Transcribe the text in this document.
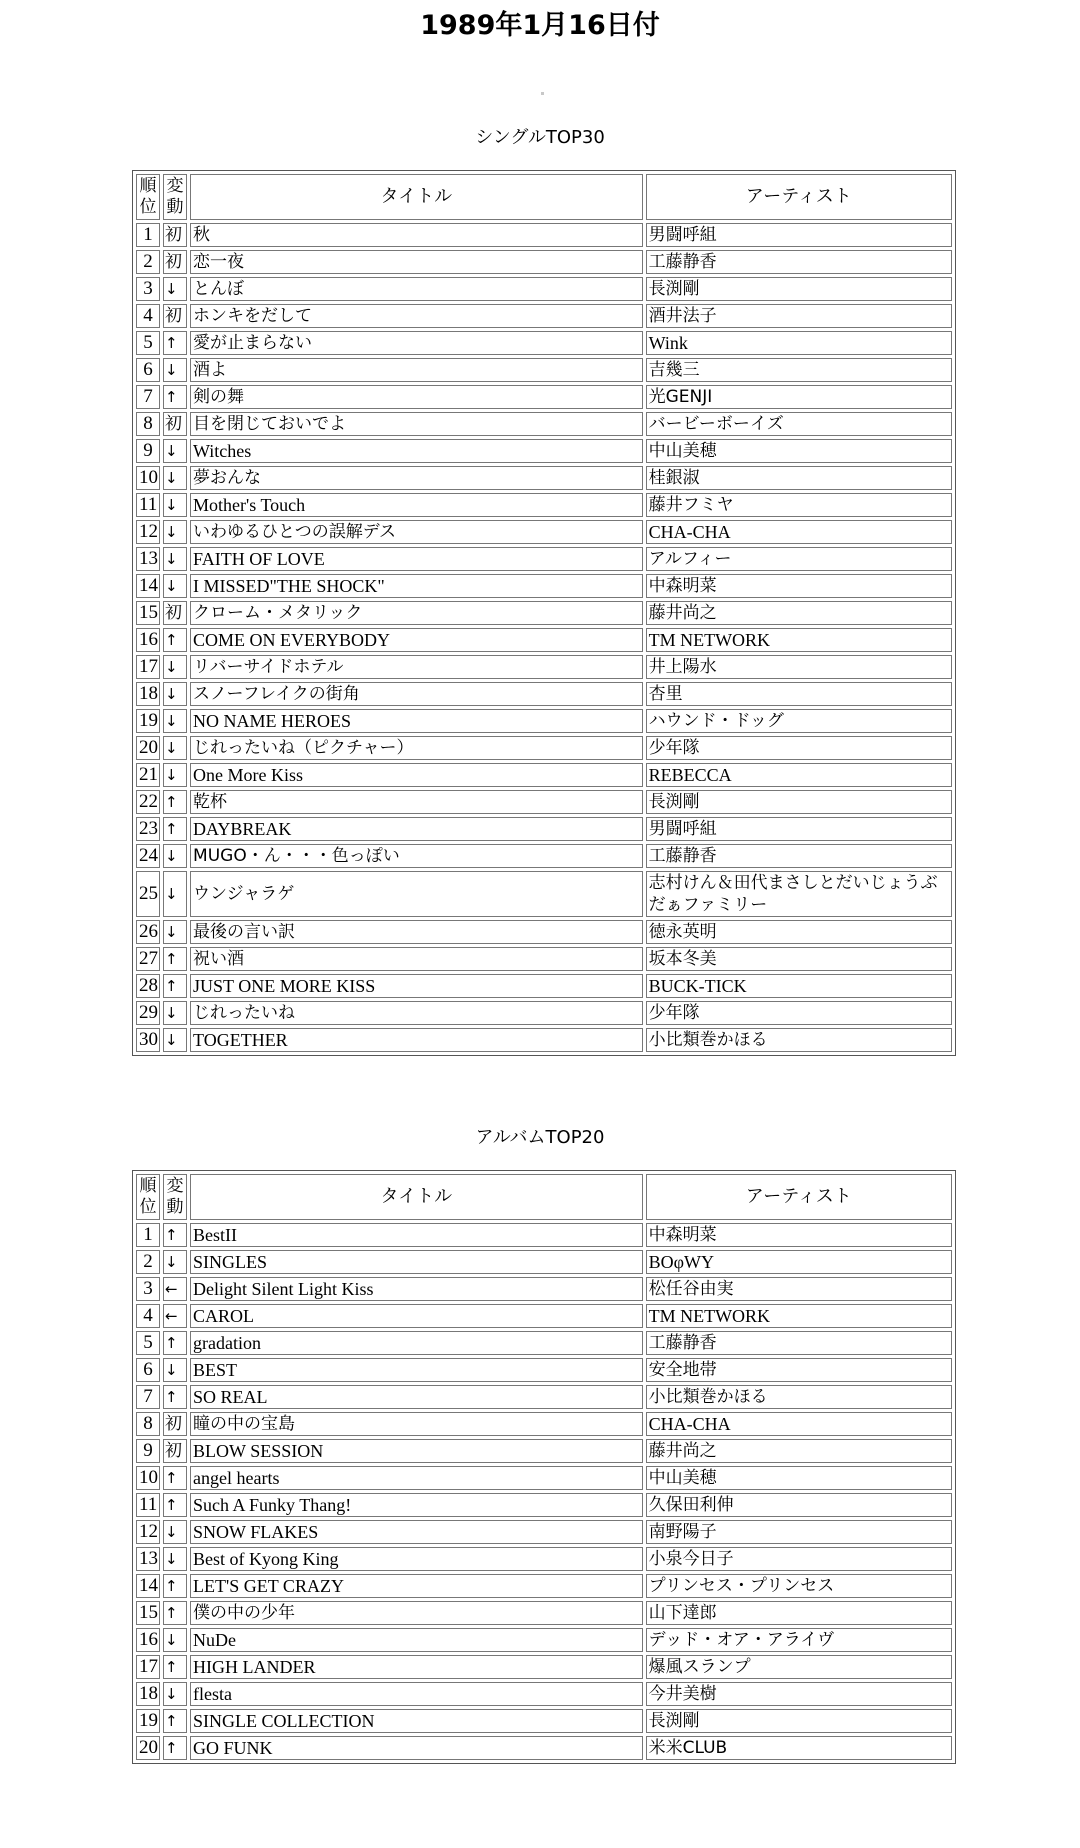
1989年1月16日付
シングルTOP30
順位	変動	タイトル	アーティスト
1	初	秋	男闘呼組
2	初	恋一夜	工藤静香
3	↓	とんぼ	長渕剛
4	初	ホンキをだして	酒井法子
5	↑	愛が止まらない	Wink
6	↓	酒よ	吉幾三
7	↑	剣の舞	光GENJI
8	初	目を閉じておいでよ	バービーボーイズ
9	↓	Witches	中山美穂
10	↓	夢おんな	桂銀淑
11	↓	Mother's Touch	藤井フミヤ
12	↓	いわゆるひとつの誤解デス	CHA-CHA
13	↓	FAITH OF LOVE	アルフィー
14	↓	I MISSED"THE SHOCK"	中森明菜
15	初	クローム・メタリック	藤井尚之
16	↑	COME ON EVERYBODY	TM NETWORK
17	↓	リバーサイドホテル	井上陽水
18	↓	スノーフレイクの街角	杏里
19	↓	NO NAME HEROES	ハウンド・ドッグ
20	↓	じれったいね（ピクチャー）	少年隊
21	↓	One More Kiss	REBECCA
22	↑	乾杯	長渕剛
23	↑	DAYBREAK	男闘呼組
24	↓	MUGO・ん・・・色っぽい	工藤静香
25	↓	ウンジャラゲ	志村けん＆田代まさしとだいじょうぶだぁファミリー
26	↓	最後の言い訳	徳永英明
27	↑	祝い酒	坂本冬美
28	↑	JUST ONE MORE KISS	BUCK-TICK
29	↓	じれったいね	少年隊
30	↓	TOGETHER	小比類巻かほる
アルバムTOP20
順位	変動	タイトル	アーティスト
1	↑	BestII	中森明菜
2	↓	SINGLES	BOφWY
3	←	Delight Silent Light Kiss	松任谷由実
4	←	CAROL	TM NETWORK
5	↑	gradation	工藤静香
6	↓	BEST	安全地帯
7	↑	SO REAL	小比類巻かほる
8	初	瞳の中の宝島	CHA-CHA
9	初	BLOW SESSION	藤井尚之
10	↑	angel hearts	中山美穂
11	↑	Such A Funky Thang!	久保田利伸
12	↓	SNOW FLAKES	南野陽子
13	↓	Best of Kyong King	小泉今日子
14	↑	LET'S GET CRAZY	プリンセス・プリンセス
15	↑	僕の中の少年	山下達郎
16	↓	NuDe	デッド・オア・アライヴ
17	↑	HIGH LANDER	爆風スランプ
18	↓	flesta	今井美樹
19	↑	SINGLE COLLECTION	長渕剛
20	↑	GO FUNK	米米CLUB
